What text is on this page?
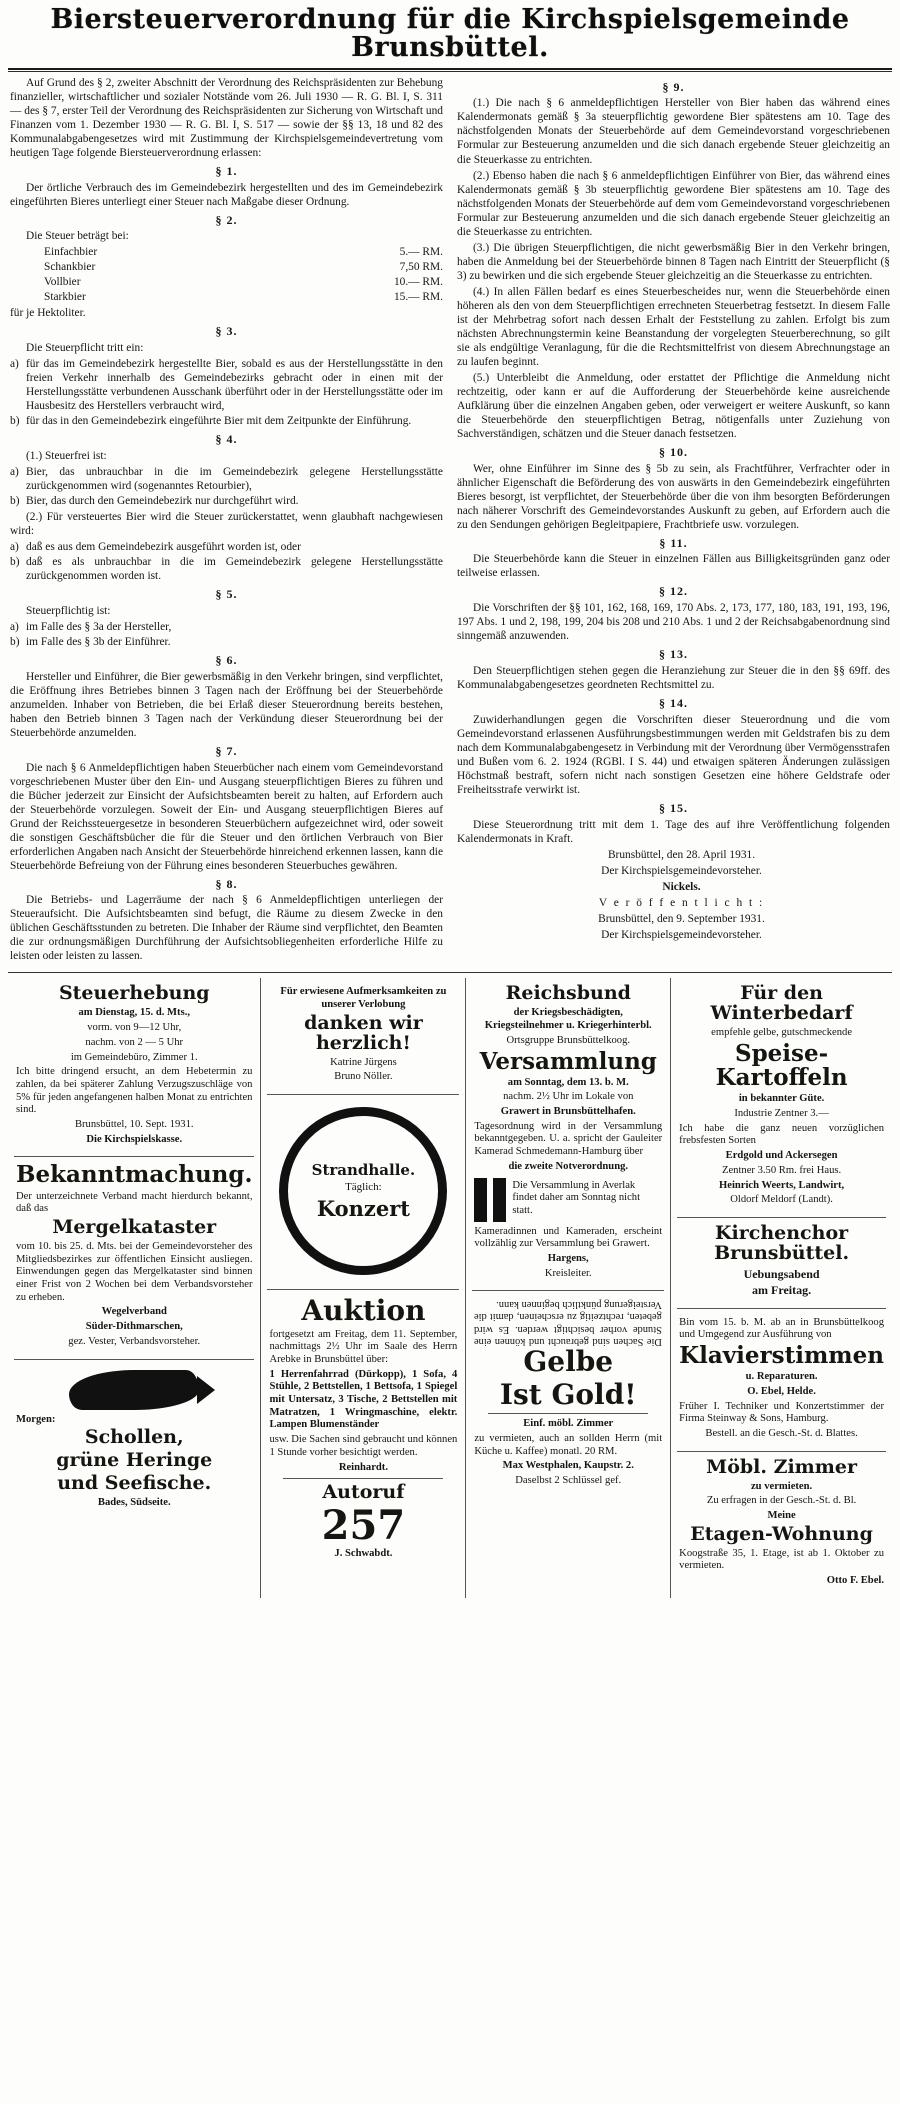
Biersteuerverordnung für die Kirchspielsgemeinde Brunsbüttel.

Auf Grund des § 2, zweiter Abschnitt der Verordnung des Reichspräsidenten zur Behebung finanzieller, wirtschaftlicher und sozialer Notstände vom 26. Juli 1930 — R. G. Bl. I, S. 311 — des § 7, erster Teil der Verordnung des Reichspräsidenten zur Sicherung von Wirtschaft und Finanzen vom 1. Dezember 1930 — R. G. Bl. I, S. 517 — sowie der §§ 13, 18 und 82 des Kommunalabgabengesetzes wird mit Zustimmung der Kirchspielsgemeindevertretung vom heutigen Tage folgende Biersteuerverordnung erlassen:

§ 1.

Der örtliche Verbrauch des im Gemeindebezirk hergestellten und des im Gemeindebezirk eingeführten Bieres unterliegt einer Steuer nach Maßgabe dieser Ordnung.

§ 2.

Die Steuer beträgt bei:

Einfachbier	5.— RM.
Schankbier	7,50 RM.
Vollbier	10.— RM.
Starkbier	15.— RM.

für je Hektoliter.

§ 3.

Die Steuerpflicht tritt ein:

a) für das im Gemeindebezirk hergestellte Bier, sobald es aus der Herstellungsstätte in den freien Verkehr innerhalb des Gemeindebezirks gebracht oder in einen mit der Herstellungsstätte verbundenen Ausschank überführt oder in der Herstellungsstätte oder im Hausbesitz des Herstellers verbraucht wird,
b) für das in den Gemeindebezirk eingeführte Bier mit dem Zeitpunkte der Einführung.
§ 4.

(1.) Steuerfrei ist:

a) Bier, das unbrauchbar in die im Gemeindebezirk gelegene Herstellungsstätte zurückgenommen wird (sogenanntes Retourbier),
b) Bier, das durch den Gemeindebezirk nur durchgeführt wird.

(2.) Für versteuertes Bier wird die Steuer zurückerstattet, wenn glaubhaft nachgewiesen wird:

a) daß es aus dem Gemeindebezirk ausgeführt worden ist, oder
b) daß es als unbrauchbar in die im Gemeindebezirk gelegene Herstellungsstätte zurückgenommen worden ist.
§ 5.

Steuerpflichtig ist:

a) im Falle des § 3a der Hersteller,
b) im Falle des § 3b der Einführer.
§ 6.

Hersteller und Einführer, die Bier gewerbsmäßig in den Verkehr bringen, sind verpflichtet, die Eröffnung ihres Betriebes binnen 3 Tagen nach der Eröffnung bei der Steuerbehörde anzumelden. Inhaber von Betrieben, die bei Erlaß dieser Steuerordnung bereits bestehen, haben den Betrieb binnen 3 Tagen nach der Verkündung dieser Steuerordnung bei der Steuerbehörde anzumelden.

§ 7.

Die nach § 6 Anmeldepflichtigen haben Steuerbücher nach einem vom Gemeindevorstand vorgeschriebenen Muster über den Ein- und Ausgang steuerpflichtigen Bieres zu führen und die Bücher jederzeit zur Einsicht der Aufsichtsbeamten bereit zu halten, auf Erfordern auch der Steuerbehörde vorzulegen. Soweit der Ein- und Ausgang steuerpflichtigen Bieres auf Grund der Reichssteuergesetze in besonderen Steuerbüchern aufgezeichnet wird, oder soweit die sonstigen Geschäftsbücher die für die Steuer und den örtlichen Verbrauch von Bier erforderlichen Angaben nach Ansicht der Steuerbehörde hinreichend erkennen lassen, kann die Steuerbehörde Befreiung von der Führung eines besonderen Steuerbuches gewähren.

§ 8.

Die Betriebs- und Lagerräume der nach § 6 Anmeldepflichtigen unterliegen der Steueraufsicht. Die Aufsichtsbeamten sind befugt, die Räume zu diesem Zwecke in den üblichen Geschäftsstunden zu betreten. Die Inhaber der Räume sind verpflichtet, den Beamten die zur ordnungsmäßigen Durchführung der Aufsichtsobliegenheiten erforderliche Hilfe zu leisten oder leisten zu lassen.

§ 9.

(1.) Die nach § 6 anmeldepflichtigen Hersteller von Bier haben das während eines Kalendermonats gemäß § 3a steuerpflichtig gewordene Bier spätestens am 10. Tage des nächstfolgenden Monats der Steuerbehörde auf dem Gemeindevorstand vorgeschriebenen Formular zur Besteuerung anzumelden und die sich danach ergebende Steuer gleichzeitig an die Steuerkasse zu entrichten.

(2.) Ebenso haben die nach § 6 anmeldepflichtigen Einführer von Bier, das während eines Kalendermonats gemäß § 3b steuerpflichtig gewordene Bier spätestens am 10. Tage des nächstfolgenden Monats der Steuerbehörde auf dem vom Gemeindevorstand vorgeschriebenen Formular zur Besteuerung anzumelden und die sich danach ergebende Steuer gleichzeitig an die Steuerkasse zu entrichten.

(3.) Die übrigen Steuerpflichtigen, die nicht gewerbsmäßig Bier in den Verkehr bringen, haben die Anmeldung bei der Steuerbehörde binnen 8 Tagen nach Eintritt der Steuerpflicht (§ 3) zu bewirken und die sich ergebende Steuer gleichzeitig an die Steuerkasse zu entrichten.

(4.) In allen Fällen bedarf es eines Steuerbescheides nur, wenn die Steuerbehörde einen höheren als den von dem Steuerpflichtigen errechneten Steuerbetrag festsetzt. In diesem Falle ist der Mehrbetrag sofort nach dessen Erhalt der Feststellung zu zahlen. Erfolgt bis zum nächsten Abrechnungstermin keine Beanstandung der vorgelegten Steuerberechnung, so gilt sie als endgültige Veranlagung, für die die Rechtsmittelfrist von diesem Abrechnungstage an zu laufen beginnt.

(5.) Unterbleibt die Anmeldung, oder erstattet der Pflichtige die Anmeldung nicht rechtzeitig, oder kann er auf die Aufforderung der Steuerbehörde keine ausreichende Aufklärung über die einzelnen Angaben geben, oder verweigert er weitere Auskunft, so kann die Steuerbehörde den steuerpflichtigen Betrag, nötigenfalls unter Zuziehung von Sachverständigen, schätzen und die Steuer danach festsetzen.

§ 10.

Wer, ohne Einführer im Sinne des § 5b zu sein, als Frachtführer, Verfrachter oder in ähnlicher Eigenschaft die Beförderung des von auswärts in den Gemeindebezirk eingeführten Bieres besorgt, ist verpflichtet, der Steuerbehörde über die von ihm besorgten Beförderungen nach näherer Vorschrift des Gemeindevorstandes Auskunft zu geben, auf Erfordern auch die zu den Sendungen gehörigen Begleitpapiere, Frachtbriefe usw. vorzulegen.

§ 11.

Die Steuerbehörde kann die Steuer in einzelnen Fällen aus Billigkeitsgründen ganz oder teilweise erlassen.

§ 12.

Die Vorschriften der §§ 101, 162, 168, 169, 170 Abs. 2, 173, 177, 180, 183, 191, 193, 196, 197 Abs. 1 und 2, 198, 199, 204 bis 208 und 210 Abs. 1 und 2 der Reichsabgabenordnung sind sinngemäß anzuwenden.

§ 13.

Den Steuerpflichtigen stehen gegen die Heranziehung zur Steuer die in den §§ 69ff. des Kommunalabgabengesetzes geordneten Rechtsmittel zu.

§ 14.

Zuwiderhandlungen gegen die Vorschriften dieser Steuerordnung und die vom Gemeindevorstand erlassenen Ausführungsbestimmungen werden mit Geldstrafen bis zu dem nach dem Kommunalabgabengesetz in Verbindung mit der Verordnung über Vermögensstrafen und Bußen vom 6. 2. 1924 (RGBl. I S. 44) und etwaigen späteren Änderungen zulässigen Höchstmaß bestraft, sofern nicht nach sonstigen Gesetzen eine höhere Geldstrafe oder Freiheitsstrafe verwirkt ist.

§ 15.

Diese Steuerordnung tritt mit dem 1. Tage des auf ihre Veröffentlichung folgenden Kalendermonats in Kraft.

Brunsbüttel, den 28. April 1931.

Der Kirchspielsgemeindevorsteher.

Nickels.

V e r ö f f e n t l i c h t :

Brunsbüttel, den 9. September 1931.

Der Kirchspielsgemeindevorsteher.

Steuerhebung
am Dienstag, 15. d. Mts.,
vorm. von 9—12 Uhr,
nachm. von 2 — 5 Uhr
im Gemeindebüro, Zimmer 1.
Ich bitte dringend ersucht, an dem Hebetermin zu zahlen, da bei späterer Zahlung Verzugszuschläge von 5% für jeden angefangenen halben Monat zu entrichten sind.
Brunsbüttel, 10. Sept. 1931.
Die Kirchspielskasse.
Bekanntmachung.
Der unterzeichnete Verband macht hierdurch bekannt, daß das
Mergelkataster
vom 10. bis 25. d. Mts. bei der Gemeindevorsteher des Mitgliedsbezirkes zur öffentlichen Einsicht ausliegen. Einwendungen gegen das Mergelkataster sind binnen einer Frist von 2 Wochen bei dem Verbandsvorsteher zu erheben.
Wegelverband
Süder-Dithmarschen,
gez. Vester, Verbandsvorsteher.
Morgen:
Schollen,
grüne Heringe
und Seefische.
Bades, Südseite.
Für erwiesene Aufmerksamkeiten zu unserer Verlobung
danken wir herzlich!
Katrine Jürgens
Bruno Nöller.
Strandhalle.
Täglich:
Konzert
Auktion
fortgesetzt am Freitag, dem 11. September, nachmittags 2½ Uhr im Saale des Herrn Arebke in Brunsbüttel über:
1 Herrenfahrrad (Dürkopp), 1 Sofa, 4 Stühle, 2 Bettstellen, 1 Bettsofa, 1 Spiegel mit Untersatz, 3 Tische, 2 Bettstellen mit Matratzen, 1 Wringmaschine, elektr. Lampen Blumenständer
usw. Die Sachen sind gebraucht und können 1 Stunde vorher besichtigt werden.
Reinhardt.
Autoruf
257
J. Schwabdt.
Reichsbund
der Kriegsbeschädigten, Kriegsteilnehmer u. Kriegerhinterbl.
Ortsgruppe Brunsbüttelkoog.
Versammlung
am Sonntag, dem 13. b. M.
nachm. 2½ Uhr im Lokale von
Grawert in Brunsbüttelhafen.
Tagesordnung wird in der Versammlung bekanntgegeben. U. a. spricht der Gauleiter Kamerad Schmedemann-Hamburg über
die zweite Notverordnung.
Die Versammlung in Averlak findet daher am Sonntag nicht statt.
Kameradinnen und Kameraden, erscheint vollzählig zur Versammlung bei Grawert.
Hargens,
Kreisleiter.
Die Sachen sind gebraucht und können eine Stunde vorher besichtigt werden. Es wird gebeten, rechtzeitig zu erscheinen, damit die Versteigerung pünktlich beginnen kann.
Gelbe
Ist Gold!
Einf. möbl. Zimmer
zu vermieten, auch an sollden Herrn (mit Küche u. Kaffee) monatl. 20 RM.
Max Westphalen, Kaupstr. 2.
Daselbst 2 Schlüssel gef.
Für den Winterbedarf
empfehle gelbe, gutschmeckende
Speise-Kartoffeln
in bekannter Güte.
Industrie Zentner 3.—
Ich habe die ganz neuen vorzüglichen frebsfesten Sorten
Erdgold und Ackersegen
Zentner 3.50 Rm. frei Haus.
Heinrich Weerts, Landwirt,
Oldorf Meldorf (Landt).
Kirchenchor Brunsbüttel.
Uebungsabend
am Freitag.
Bin vom 15. b. M. ab an in Brunsbüttelkoog und Umgegend zur Ausführung von
Klavierstimmen
u. Reparaturen.
O. Ebel, Helde.
Früher I. Techniker und Konzertstimmer der Firma Steinway & Sons, Hamburg.
Bestell. an die Gesch.-St. d. Blattes.
Möbl. Zimmer
zu vermieten.
Zu erfragen in der Gesch.-St. d. Bl.
Meine
Etagen-Wohnung
Koogstraße 35, 1. Etage, ist ab 1. Oktober zu vermieten.
Otto F. Ebel.
